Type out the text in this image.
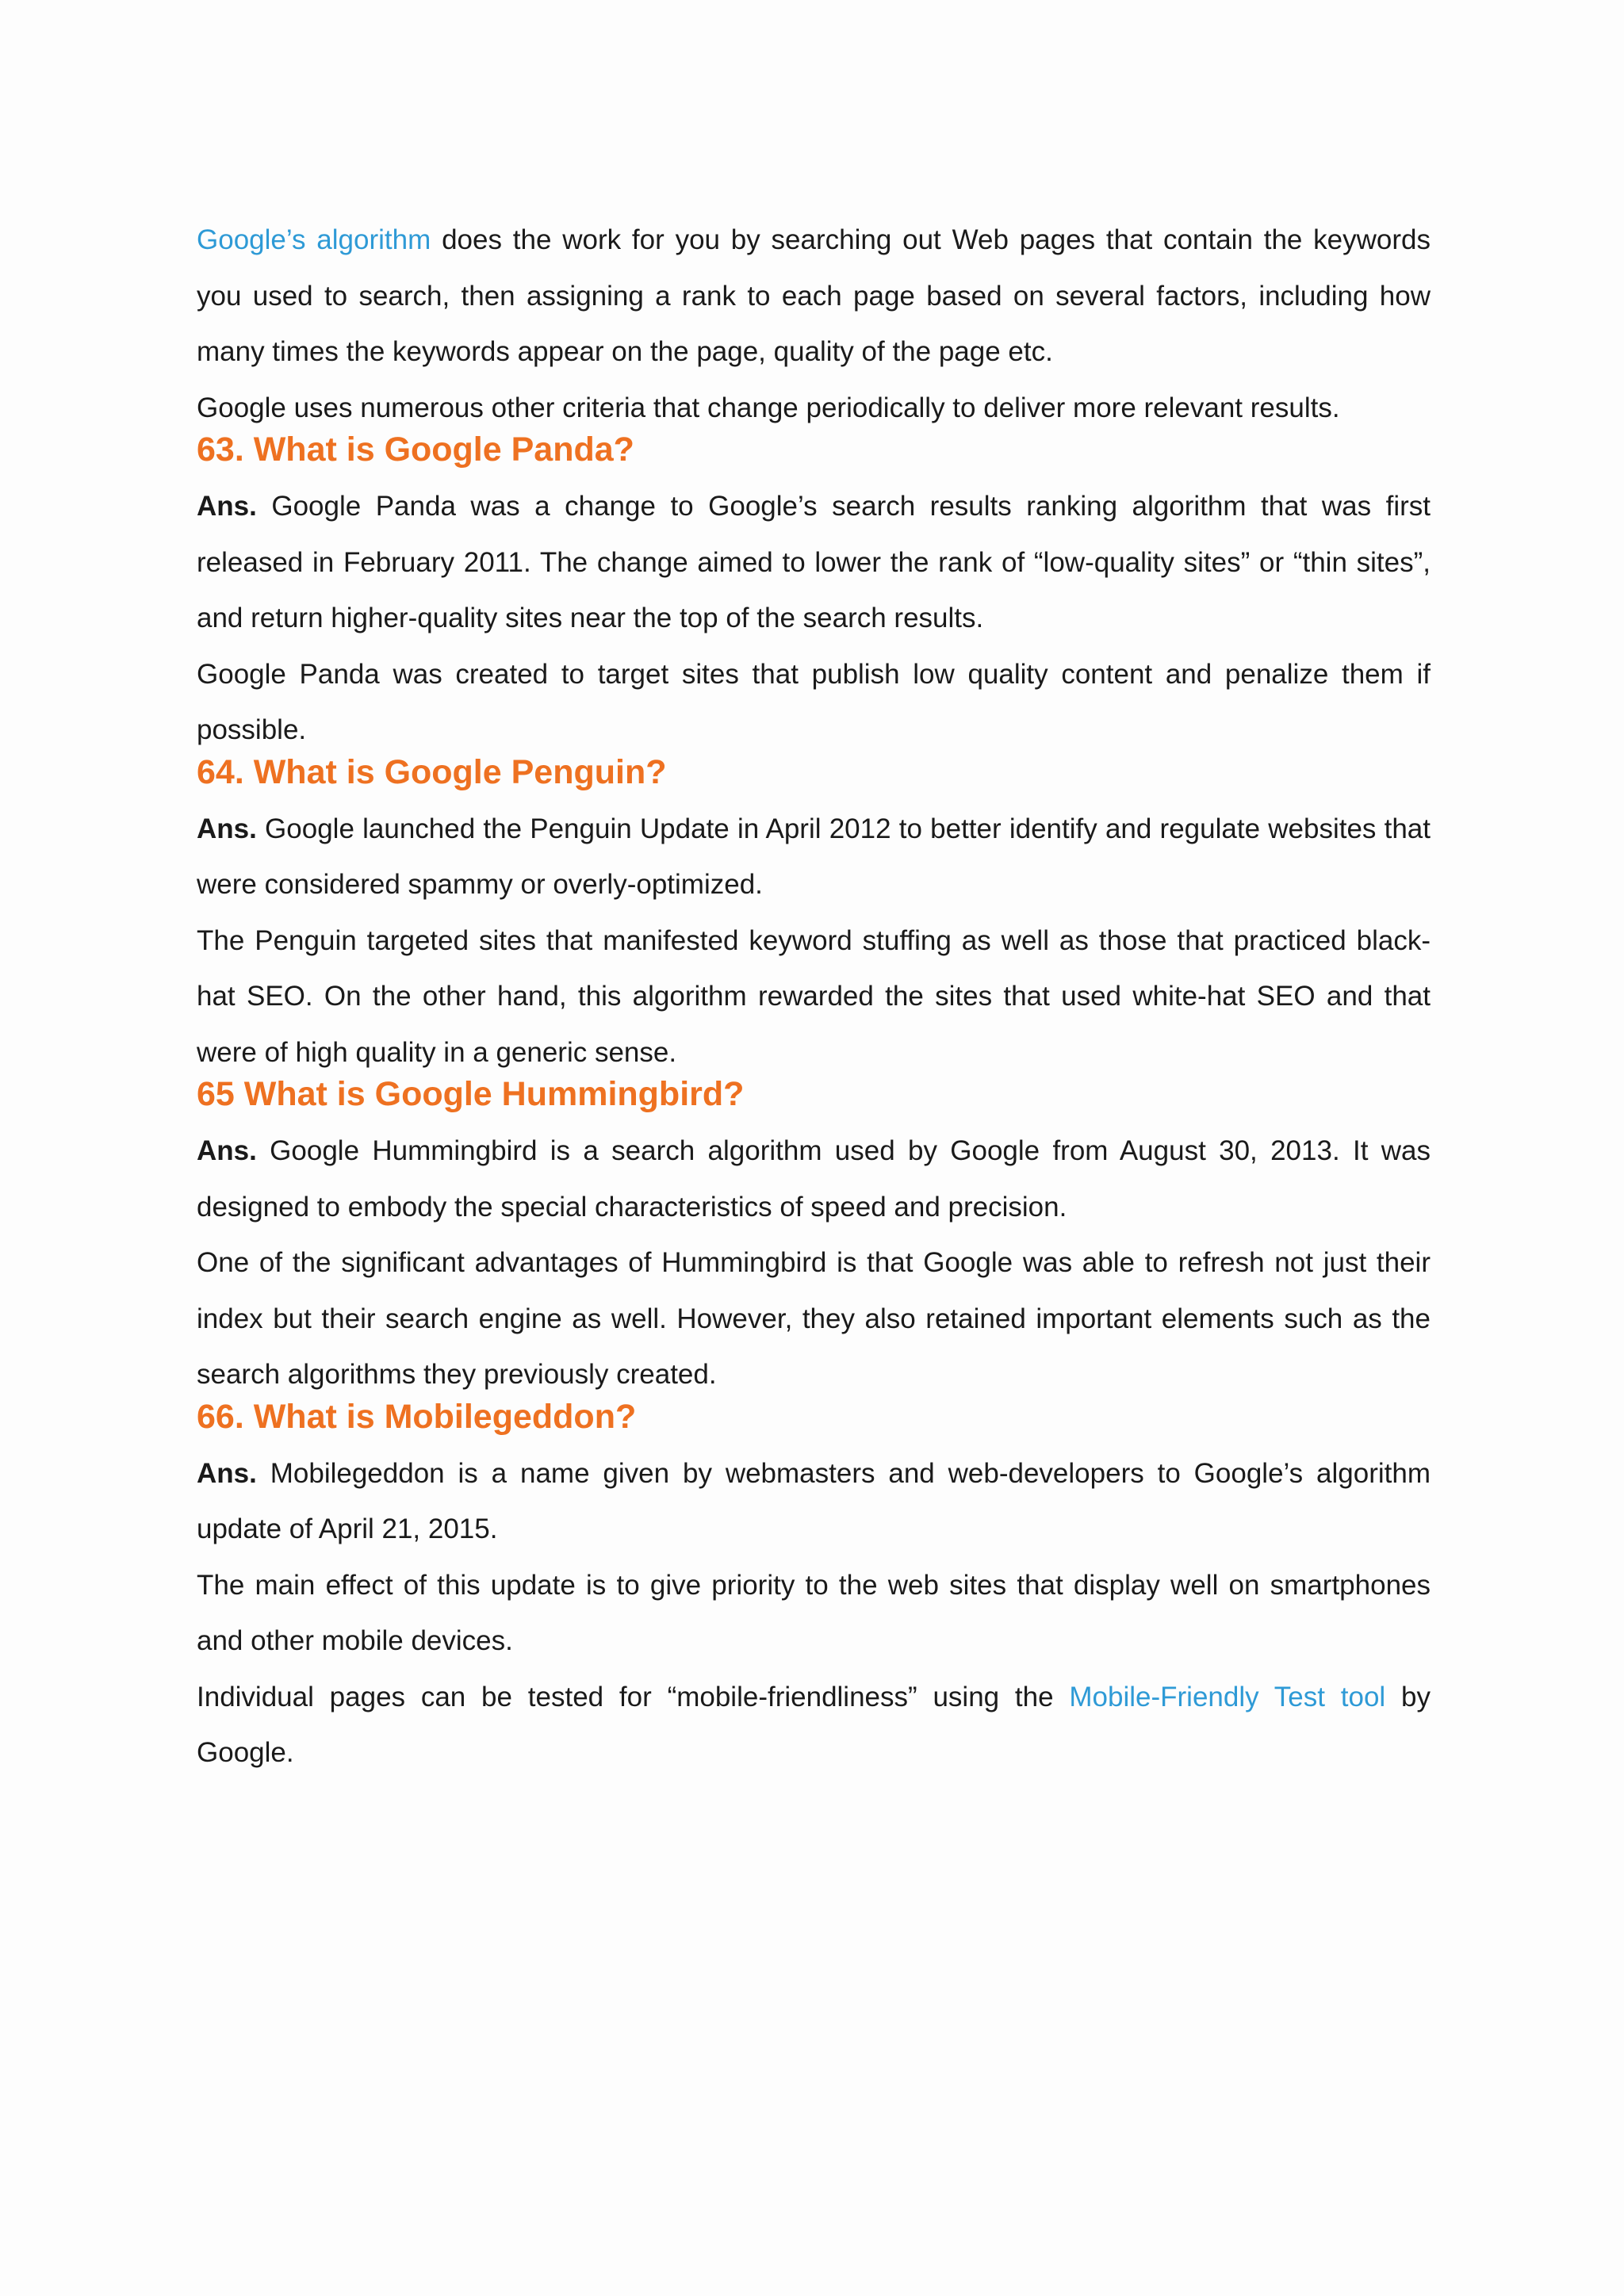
Google’s algorithm does the work for you by searching out Web pages that contain the keywords you used to search, then assigning a rank to each page based on several factors, including how many times the keywords appear on the page, quality of the page etc.

Google uses numerous other criteria that change periodically to deliver more relevant results.

63. What is Google Panda?

Ans. Google Panda was a change to Google’s search results ranking algorithm that was first released in February 2011. The change aimed to lower the rank of “low-quality sites” or “thin sites”, and return higher-quality sites near the top of the search results.

Google Panda was created to target sites that publish low quality content and penalize them if possible.

64. What is Google Penguin?

Ans. Google launched the Penguin Update in April 2012 to better identify and regulate websites that were considered spammy or overly-optimized.

The Penguin targeted sites that manifested keyword stuffing as well as those that practiced black-hat SEO. On the other hand, this algorithm rewarded the sites that used white-hat SEO and that were of high quality in a generic sense.

65 What is Google Hummingbird?

Ans. Google Hummingbird is a search algorithm used by Google from August 30, 2013. It was designed to embody the special characteristics of speed and precision.

One of the significant advantages of Hummingbird is that Google was able to refresh not just their index but their search engine as well. However, they also retained important elements such as the search algorithms they previously created.

66. What is Mobilegeddon?

Ans. Mobilegeddon is a name given by webmasters and web-developers to Google’s algorithm update of April 21, 2015.

The main effect of this update is to give priority to the web sites that display well on smartphones and other mobile devices.

Individual pages can be tested for “mobile-friendliness” using the Mobile-Friendly Test tool by Google.
